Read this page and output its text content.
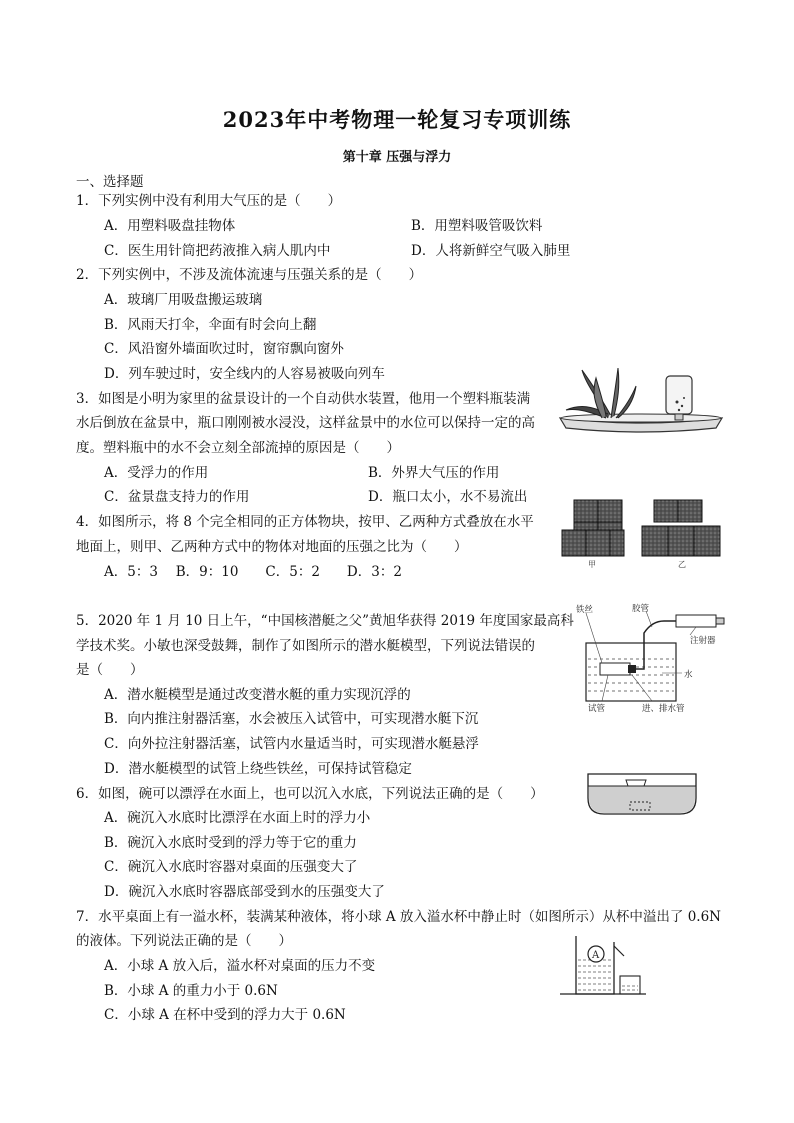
2023年中考物理一轮复习专项训练
第十章 压强与浮力
一、选择题
1．下列实例中没有利用大气压的是（　　）
A．用塑料吸盘挂物体	B．用塑料吸管吸饮料
C．医生用针筒把药液推入病人肌内中	D．人将新鲜空气吸入肺里
2．下列实例中，不涉及流体流速与压强关系的是（　　）
A．玻璃厂用吸盘搬运玻璃
B．风雨天打伞，伞面有时会向上翻
C．风沿窗外墙面吹过时，窗帘飘向窗外
D．列车驶过时，安全线内的人容易被吸向列车
3．如图是小明为家里的盆景设计的一个自动供水装置，他用一个塑料瓶装满
水后倒放在盆景中，瓶口刚刚被水浸没，这样盆景中的水位可以保持一定的高
度。塑料瓶中的水不会立刻全部流掉的原因是（　　）
A．受浮力的作用	B．外界大气压的作用
C．盆景盘支持力的作用	D．瓶口太小，水不易流出
4．如图所示，将 8 个完全相同的正方体物块，按甲、乙两种方式叠放在水平
地面上，则甲、乙两种方式中的物体对地面的压强之比为（　　）
A．5：3　 B．9：10　　C．5：2　　D．3：2
5．2020 年 1 月 10 日上午，“中国核潜艇之父”黄旭华获得 2019 年度国家最高科
学技术奖。小敏也深受鼓舞，制作了如图所示的潜水艇模型，下列说法错误的
是（　　）
A．潜水艇模型是通过改变潜水艇的重力实现沉浮的
B．向内推注射器活塞，水会被压入试管中，可实现潜水艇下沉
C．向外拉注射器活塞，试管内水量适当时，可实现潜水艇悬浮
D．潜水艇模型的试管上绕些铁丝，可保持试管稳定
6．如图，碗可以漂浮在水面上，也可以沉入水底，下列说法正确的是（　　）
A．碗沉入水底时比漂浮在水面上时的浮力小
B．碗沉入水底时受到的浮力等于它的重力
C．碗沉入水底时容器对桌面的压强变大了
D．碗沉入水底时容器底部受到水的压强变大了
7．水平桌面上有一溢水杯，装满某种液体，将小球 A 放入溢水杯中静止时（如图所示）从杯中溢出了 0.6N
的液体。下列说法正确的是（　　）
A．小球 A 放入后，溢水杯对桌面的压力不变
B．小球 A 的重力小于 0.6N
C．小球 A 在杯中受到的浮力大于 0.6N
甲	乙
铁丝	胶管
注射器
水
试管	进、排水管
A
